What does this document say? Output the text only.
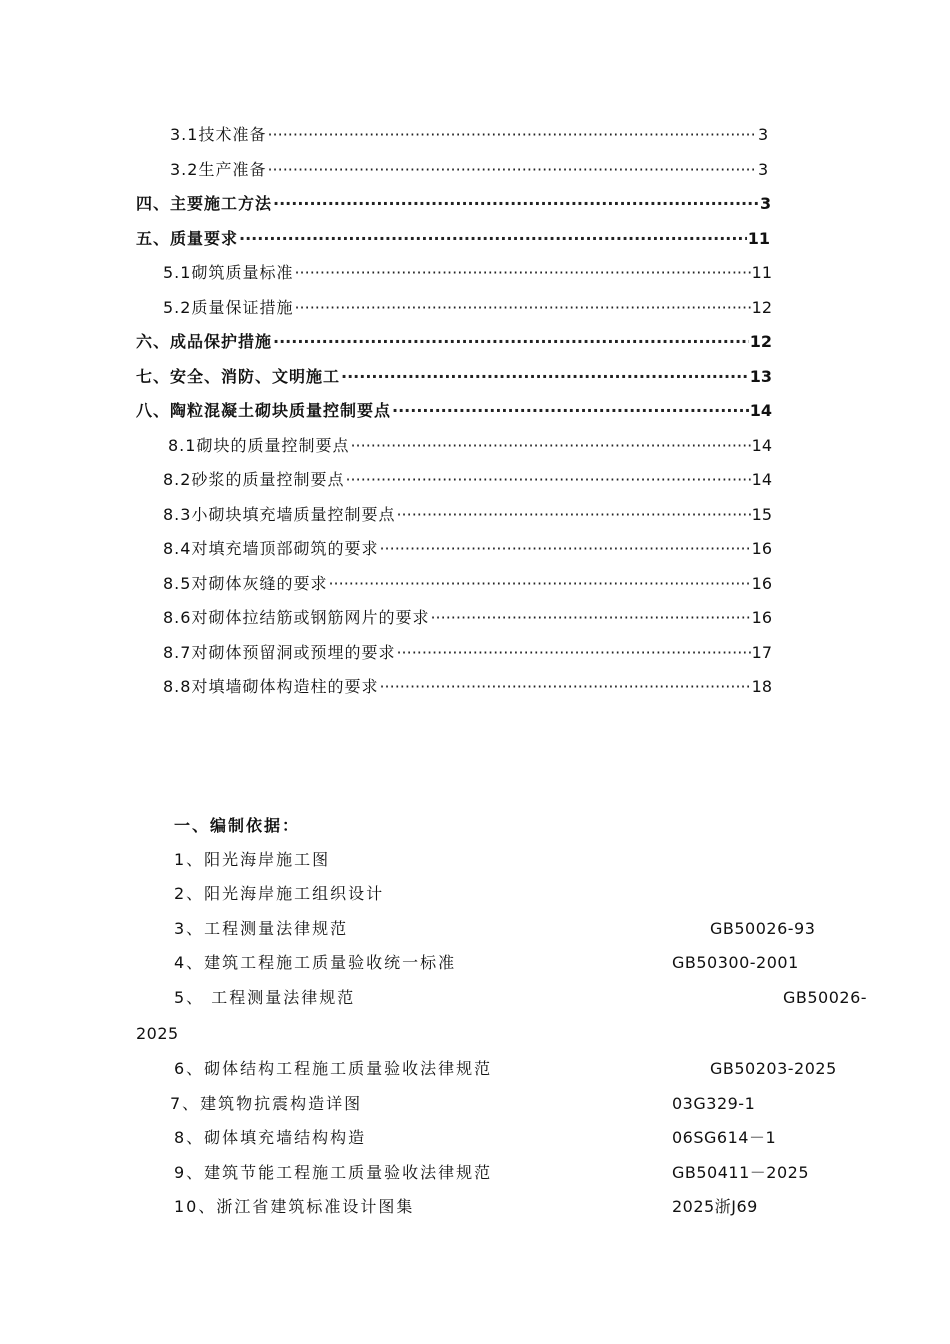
3.1技术准备 ·····	3
3.2生产准备 ·····	3
四、主要施工方法 ·····	3
五、质量要求 ·····	11
5.1砌筑质量标准 ·····	11
5.2质量保证措施 ·····	12
六、成品保护措施 ·····	12
七、安全、消防、文明施工 ·····	13
八、陶粒混凝土砌块质量控制要点 ·····	14
8.1砌块的质量控制要点 ·····	14
8.2砂浆的质量控制要点 ·····	14
8.3小砌块填充墙质量控制要点 ·····	15
8.4对填充墙顶部砌筑的要求 ·····	16
8.5对砌体灰缝的要求 ·····	16
8.6对砌体拉结筋或钢筋网片的要求 ·····	16
8.7对砌体预留洞或预埋的要求 ·····	17
8.8对填墙砌体构造柱的要求 ·····	18
一、编制依据：
1、阳光海岸施工图
2、阳光海岸施工组织设计
3、工程测量法律规范	GB50026-93
4、建筑工程施工质量验收统一标准	GB50300-2001
5、 工程测量法律规范	GB50026-
2025
6、砌体结构工程施工质量验收法律规范	GB50203-2025
7、建筑物抗震构造详图	03G329-1
8、砌体填充墙结构构造	06SG614－1
9、建筑节能工程施工质量验收法律规范	GB50411－2025
10、浙江省建筑标准设计图集	2025浙J69
